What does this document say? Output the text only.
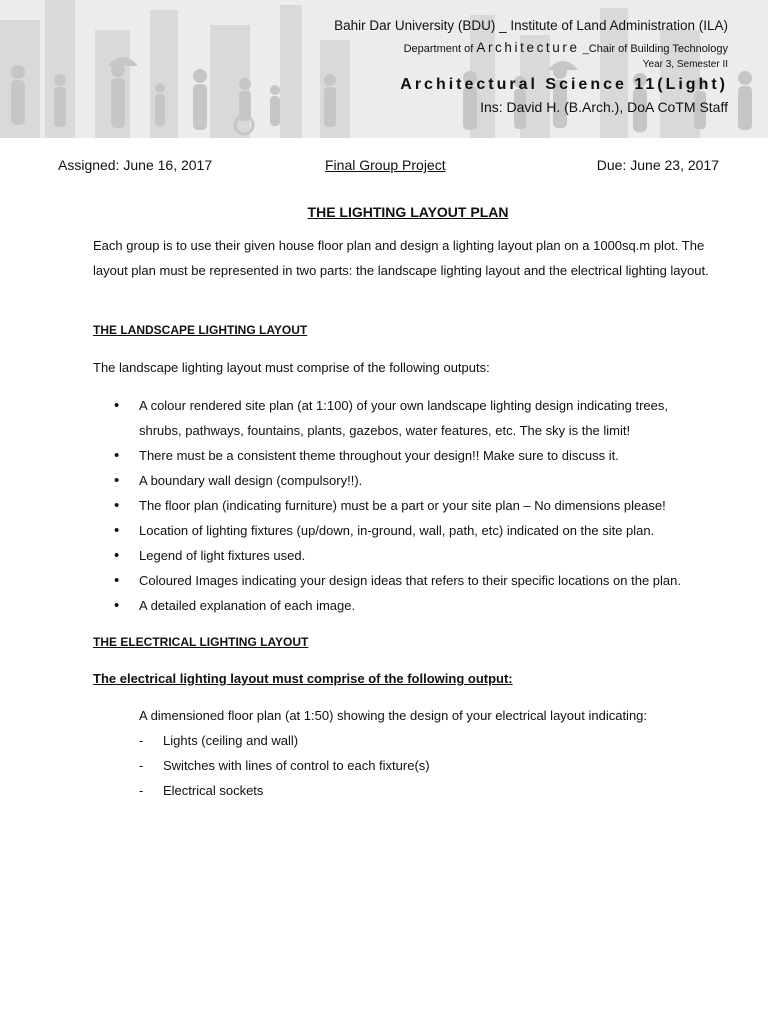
Bahir Dar University (BDU) _ Institute of Land Administration (ILA)
Department of Architecture _Chair of Building Technology
Year 3, Semester II
Architectural Science 11(Light)
Ins: David H. (B.Arch.), DoA CoTM Staff
Assigned: June 16, 2017	Final Group Project	Due: June 23, 2017
THE LIGHTING LAYOUT PLAN
Each group is to use their given house floor plan and design a lighting layout plan on a 1000sq.m plot. The layout plan must be represented in two parts: the landscape lighting layout and the electrical lighting layout.
THE LANDSCAPE LIGHTING LAYOUT
The landscape lighting layout must comprise of the following outputs:
• A colour rendered site plan (at 1:100) of your own landscape lighting design indicating trees, shrubs, pathways, fountains, plants, gazebos, water features, etc. The sky is the limit!
• There must be a consistent theme throughout your design!! Make sure to discuss it.
• A boundary wall design (compulsory!!).
• The floor plan (indicating furniture) must be a part or your site plan – No dimensions please!
• Location of lighting fixtures (up/down, in-ground, wall, path, etc) indicated on the site plan.
• Legend of light fixtures used.
• Coloured Images indicating your design ideas that refers to their specific locations on the plan.
• A detailed explanation of each image.
THE ELECTRICAL LIGHTING LAYOUT
The electrical lighting layout must comprise of the following output:
A dimensioned floor plan (at 1:50) showing the design of your electrical layout indicating:
- Lights (ceiling and wall)
- Switches with lines of control to each fixture(s)
- Electrical sockets
